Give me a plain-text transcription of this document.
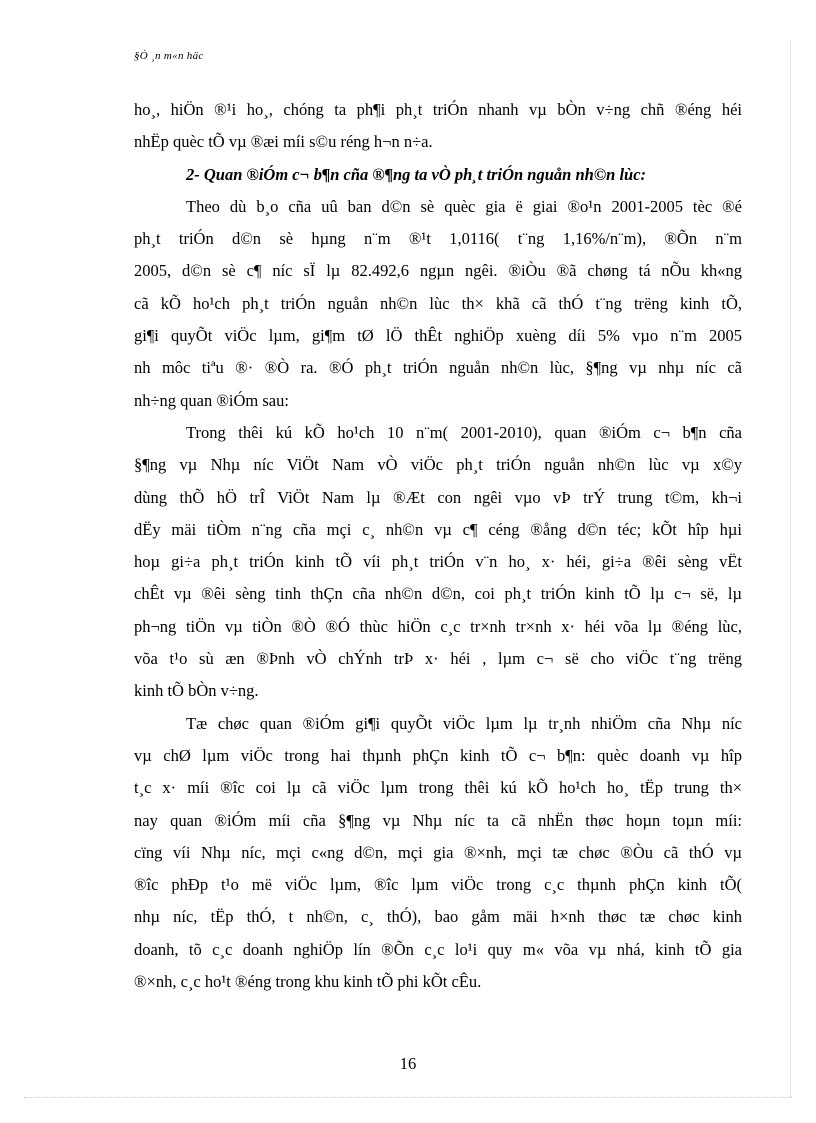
§Ò ¸n m«n häc
ho¸, hiÖn ®¹i ho¸, chóng ta ph¶i ph¸t triÓn nhanh vµ bÒn v÷ng chñ ®éng héi
nhËp quèc tÕ vµ ®æi míi s©u réng h¬n n÷a.
2- Quan ®iÓm c¬ b¶n cña ®¶ng ta vÒ ph¸t triÓn nguån nh©n lùc:
Theo dù b¸o cña uû ban d©n sè quèc gia ë giai ®o¹n 2001-2005 tèc ®é
ph¸t triÓn d©n sè hµng n¨m ®¹t 1,0116( t¨ng 1,16%/n¨m), ®Õn n¨m
2005, d©n sè c¶ níc sÏ lµ 82.492,6 ngµn ngêi. ®iÒu ®ã chøng tá nÕu kh«ng
cã kÕ ho¹ch ph¸t triÓn nguån nh©n lùc th× khã cã thÓ t¨ng trëng kinh tÕ,
gi¶i quyÕt viÖc lµm, gi¶m tØ lÖ thÊt nghiÖp xuèng díi 5% vµo n¨m 2005
nh môc tiªu ®· ®Ò ra. ®Ó ph¸t triÓn nguån nh©n lùc, §¶ng vµ nhµ níc cã
nh÷ng quan ®iÓm sau:
Trong thêi kú kÕ ho¹ch 10 n¨m( 2001-2010), quan ®iÓm c¬ b¶n cña
§¶ng vµ Nhµ níc ViÖt Nam vÒ viÖc ph¸t triÓn nguån nh©n lùc vµ x©y
dùng thÕ hÖ trÎ ViÖt Nam lµ ®Æt con ngêi vµo vÞ trÝ trung t©m, kh¬i
dËy mäi tiÒm n¨ng cña mçi c¸ nh©n vµ c¶ céng ®ång d©n téc; kÕt hîp hµi
hoµ gi÷a ph¸t triÓn kinh tÕ víi ph¸t triÓn v¨n ho¸ x· héi, gi÷a ®êi sèng vËt
chÊt vµ ®êi sèng tinh thÇn cña nh©n d©n, coi ph¸t triÓn kinh tÕ lµ c¬ së, lµ
ph¬ng tiÖn vµ tiÒn ®Ò ®Ó thùc hiÖn c¸c tr×nh tr×nh x· héi võa lµ ®éng lùc,
võa t¹o sù æn ®Þnh vÒ chÝnh trÞ x· héi , lµm c¬ së cho viÖc t¨ng trëng
kinh tÕ bÒn v÷ng.
Tæ chøc quan ®iÓm gi¶i quyÕt viÖc lµm lµ tr¸nh nhiÖm cña Nhµ níc
vµ chØ lµm viÖc trong hai thµnh phÇn kinh tÕ c¬ b¶n: quèc doanh vµ hîp
t¸c x· míi ®îc coi lµ cã viÖc lµm trong thêi kú kÕ ho¹ch ho¸ tËp trung th×
nay quan ®iÓm míi cña §¶ng vµ Nhµ níc ta cã nhËn thøc hoµn toµn míi:
cïng víi Nhµ níc, mçi c«ng d©n, mçi gia ®×nh, mçi tæ chøc ®Òu cã thÓ vµ
®îc phÐp t¹o më viÖc lµm, ®îc lµm viÖc trong c¸c thµnh phÇn kinh tÕ(
nhµ níc, tËp thÓ, t nh©n, c¸ thÓ), bao gåm mäi h×nh thøc tæ chøc kinh
doanh, tõ c¸c doanh nghiÖp lín ®Õn c¸c lo¹i quy m« võa vµ nhá, kinh tÕ gia
®×nh, c¸c ho¹t ®éng trong khu kinh tÕ phi kÕt cÊu.
16
